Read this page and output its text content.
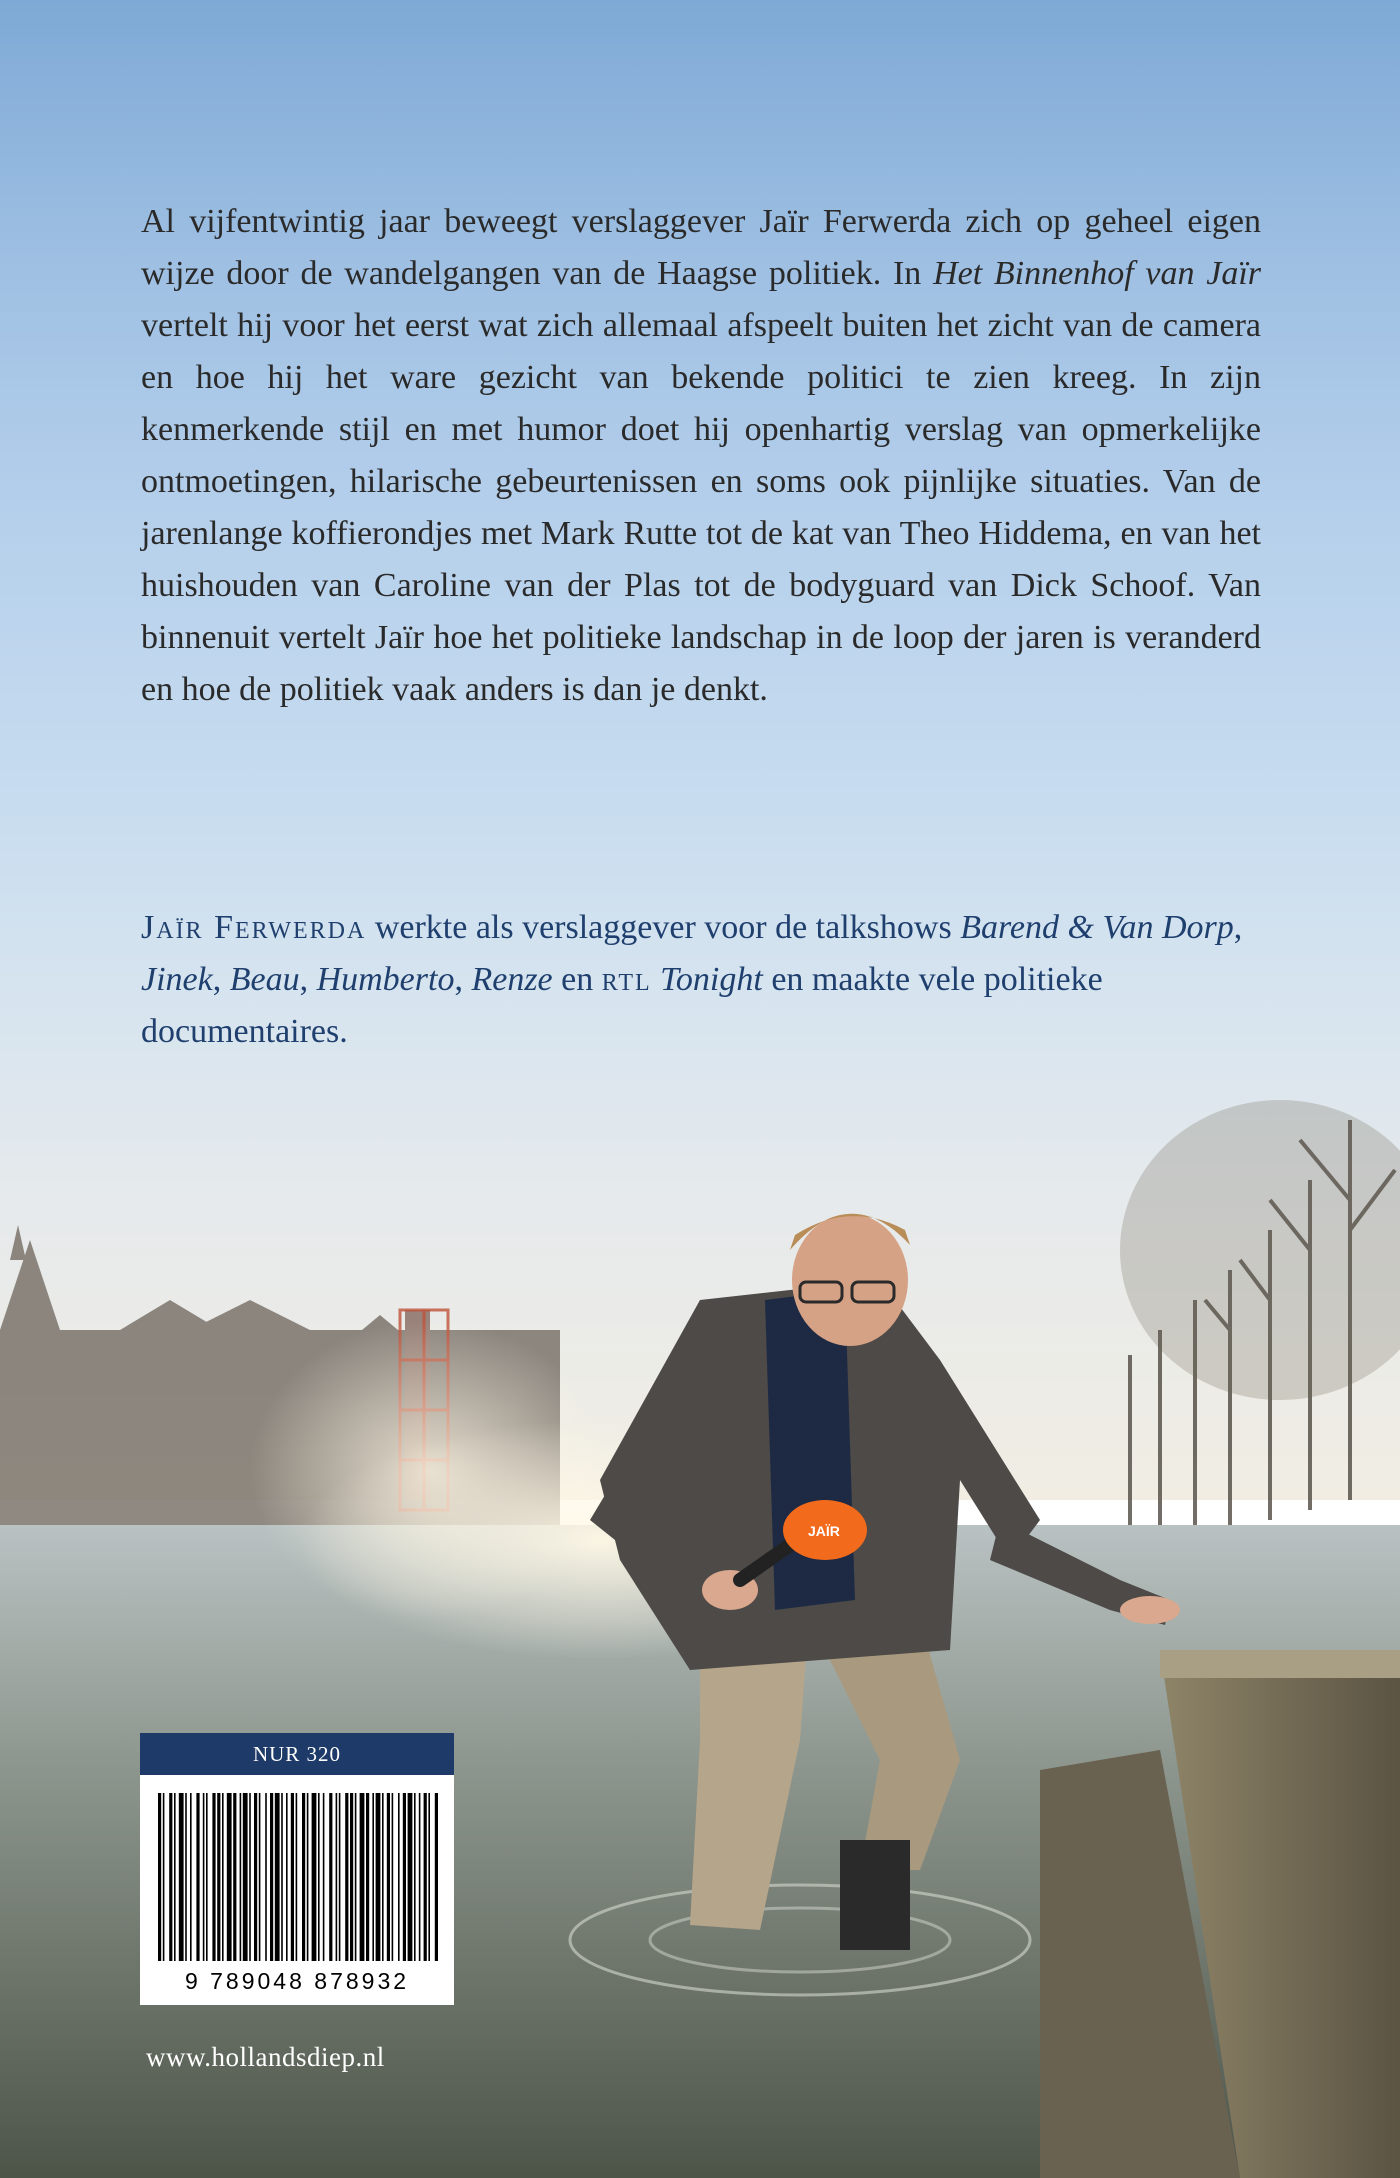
JAÏR

Al vijfentwintig jaar beweegt verslaggever Jaïr Ferwerda zich op geheel eigen wijze door de wandelgangen van de Haagse politiek. In Het Binnenhof van Jaïr vertelt hij voor het eerst wat zich allemaal afspeelt buiten het zicht van de camera en hoe hij het ware gezicht van bekende politici te zien kreeg. In zijn kenmerkende stijl en met humor doet hij openhartig verslag van opmerkelijke ontmoetingen, hilarische gebeurtenissen en soms ook pijnlijke situaties. Van de jarenlange koffierondjes met Mark Rutte tot de kat van Theo Hiddema, en van het huishouden van Caroline van der Plas tot de bodyguard van Dick Schoof. Van binnenuit vertelt Jaïr hoe het politieke landschap in de loop der jaren is veranderd en hoe de politiek vaak anders is dan je denkt.

Jaïr Ferwerda werkte als verslaggever voor de talkshows Barend & Van Dorp, Jinek, Beau, Humberto, Renze en rtl Tonight en maakte vele politieke documentaires.
NUR 320
9 789048 878932
www.hollandsdiep.nl
